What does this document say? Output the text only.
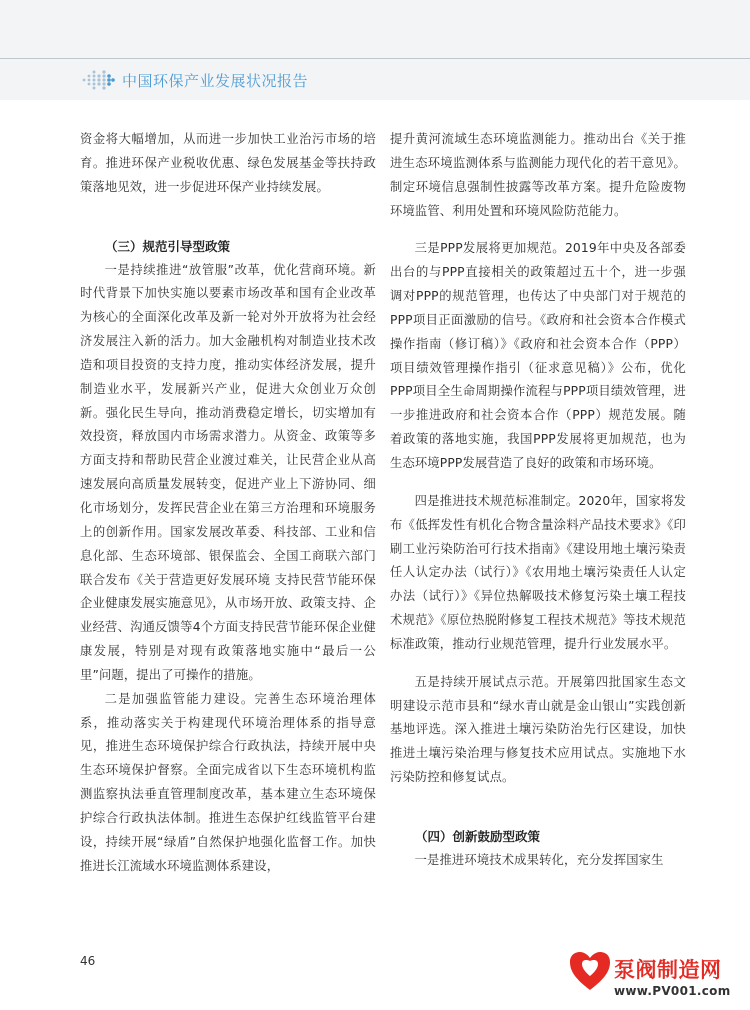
中国环保产业发展状况报告

资金将大幅增加，从而进一步加快工业治污市场的培育。推进环保产业税收优惠、绿色发展基金等扶持政策落地见效，进一步促进环保产业持续发展。

（三）规范引导型政策

一是持续推进“放管服”改革，优化营商环境。新时代背景下加快实施以要素市场改革和国有企业改革为核心的全面深化改革及新一轮对外开放将为社会经济发展注入新的活力。加大金融机构对制造业技术改造和项目投资的支持力度，推动实体经济发展，提升制造业水平，发展新兴产业，促进大众创业万众创新。强化民生导向，推动消费稳定增长，切实增加有效投资，释放国内市场需求潜力。从资金、政策等多方面支持和帮助民营企业渡过难关，让民营企业从高速发展向高质量发展转变，促进产业上下游协同、细化市场划分，发挥民营企业在第三方治理和环境服务上的创新作用。国家发展改革委、科技部、工业和信息化部、生态环境部、银保监会、全国工商联六部门联合发布《关于营造更好发展环境 支持民营节能环保企业健康发展实施意见》，从市场开放、政策支持、企业经营、沟通反馈等4个方面支持民营节能环保企业健康发展，特别是对现有政策落地实施中“最后一公里”问题，提出了可操作的措施。

二是加强监管能力建设。完善生态环境治理体系，推动落实关于构建现代环境治理体系的指导意见，推进生态环境保护综合行政执法，持续开展中央生态环境保护督察。全面完成省以下生态环境机构监测监察执法垂直管理制度改革，基本建立生态环境保护综合行政执法体制。推进生态保护红线监管平台建设，持续开展“绿盾”自然保护地强化监督工作。加快推进长江流域水环境监测体系建设，

提升黄河流域生态环境监测能力。推动出台《关于推进生态环境监测体系与监测能力现代化的若干意见》。制定环境信息强制性披露等改革方案。提升危险废物环境监管、利用处置和环境风险防范能力。

三是PPP发展将更加规范。2019年中央及各部委出台的与PPP直接相关的政策超过五十个，进一步强调对PPP的规范管理，也传达了中央部门对于规范的PPP项目正面激励的信号。《政府和社会资本合作模式操作指南（修订稿）》《政府和社会资本合作（PPP）项目绩效管理操作指引（征求意见稿）》公布，优化PPP项目全生命周期操作流程与PPP项目绩效管理，进一步推进政府和社会资本合作（PPP）规范发展。随着政策的落地实施，我国PPP发展将更加规范，也为生态环境PPP发展营造了良好的政策和市场环境。

四是推进技术规范标准制定。2020年，国家将发布《低挥发性有机化合物含量涂料产品技术要求》《印刷工业污染防治可行技术指南》《建设用地土壤污染责任人认定办法（试行）》《农用地土壤污染责任人认定办法（试行）》《异位热解吸技术修复污染土壤工程技术规范》《原位热脱附修复工程技术规范》等技术规范标准政策，推动行业规范管理，提升行业发展水平。

五是持续开展试点示范。开展第四批国家生态文明建设示范市县和“绿水青山就是金山银山”实践创新基地评选。深入推进土壤污染防治先行区建设，加快推进土壤污染治理与修复技术应用试点。实施地下水污染防控和修复试点。

（四）创新鼓励型政策

一是推进环境技术成果转化，充分发挥国家生

46	泵阀制造网
www.PV001.com
